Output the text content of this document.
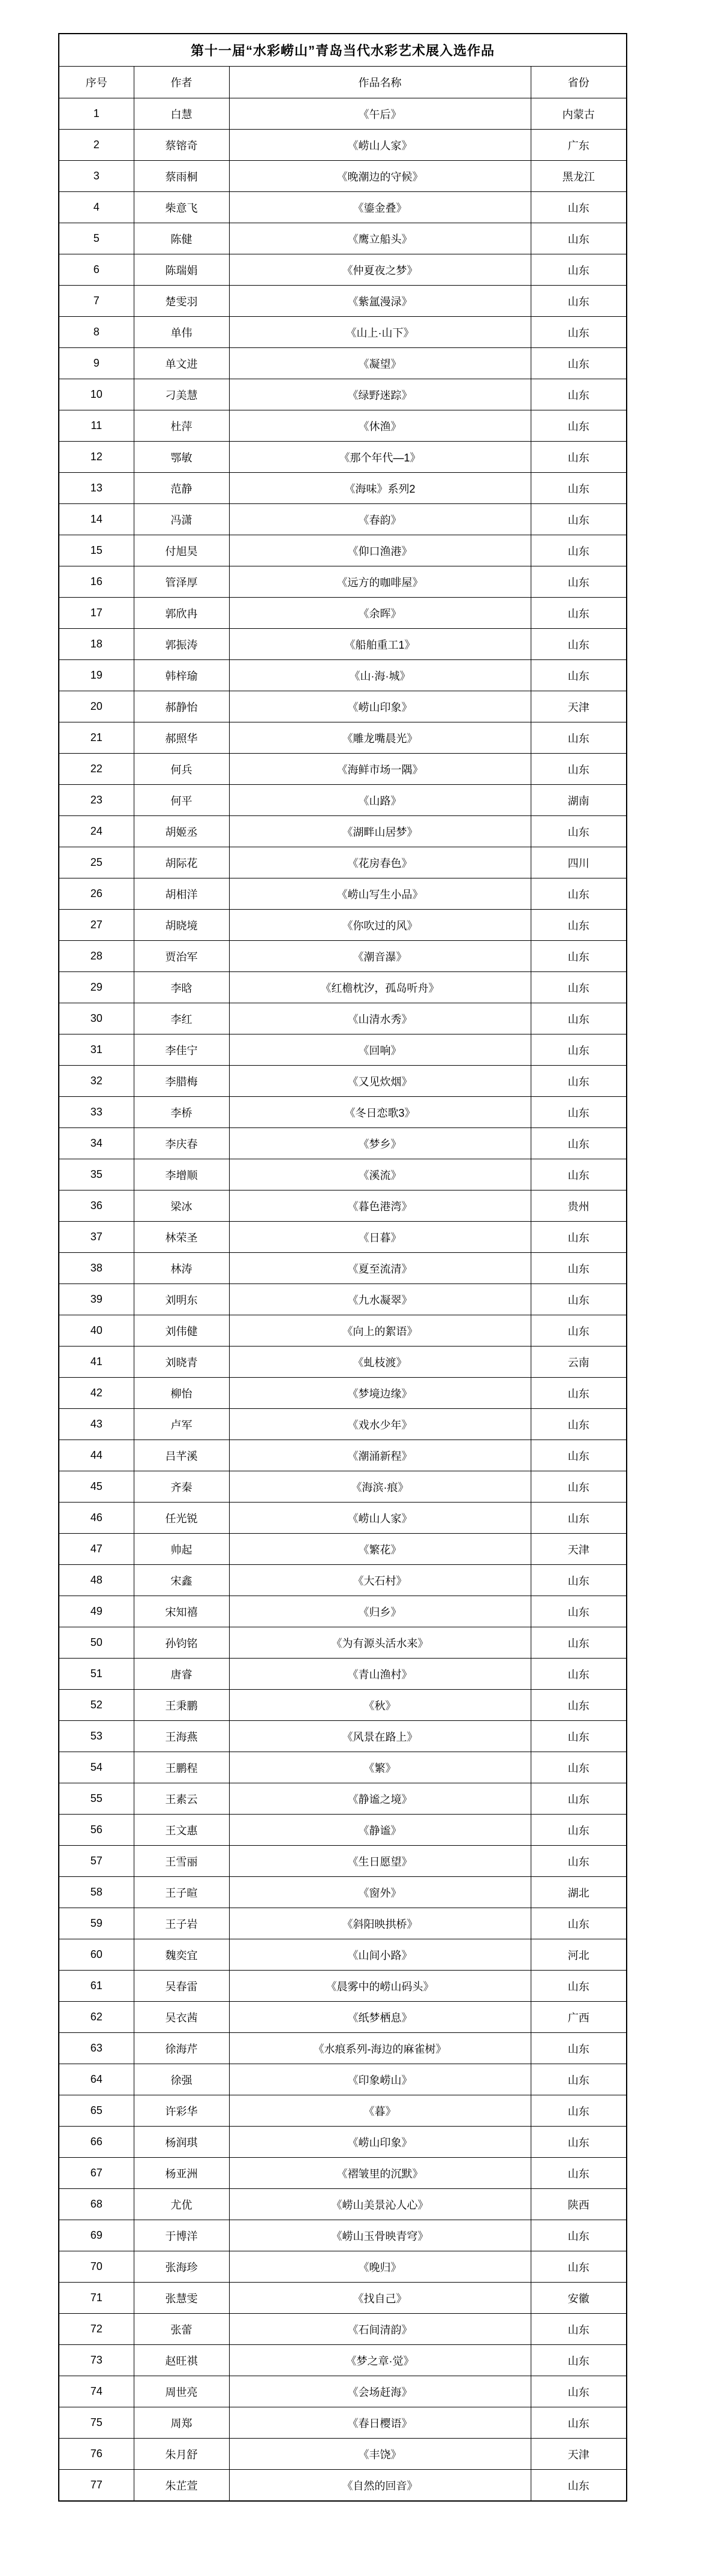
第十一届“水彩崂山”青岛当代水彩艺术展入选作品			
序号	作者	作品名称	省份
1	白慧	《午后》	内蒙古
2	蔡镕奇	《崂山人家》	广东
3	蔡雨桐	《晚潮边的守候》	黑龙江
4	柴意飞	《鎏金叠》	山东
5	陈健	《鹰立船头》	山东
6	陈瑞娟	《仲夏夜之梦》	山东
7	楚雯羽	《紫氲漫渌》	山东
8	单伟	《山上·山下》	山东
9	单文进	《凝望》	山东
10	刁美慧	《绿野迷踪》	山东
11	杜萍	《休渔》	山东
12	鄂敏	《那个年代—1》	山东
13	范静	《海味》系列2	山东
14	冯潇	《春韵》	山东
15	付旭昊	《仰口渔港》	山东
16	管泽厚	《远方的咖啡屋》	山东
17	郭欣冉	《余晖》	山东
18	郭振涛	《船舶重工1》	山东
19	韩梓瑜	《山·海·城》	山东
20	郝静怡	《崂山印象》	天津
21	郝照华	《雕龙嘴晨光》	山东
22	何兵	《海鲜市场一隅》	山东
23	何平	《山路》	湖南
24	胡姬丞	《湖畔山居梦》	山东
25	胡际花	《花房春色》	四川
26	胡相洋	《崂山写生小品》	山东
27	胡晓境	《你吹过的风》	山东
28	贾治军	《潮音瀑》	山东
29	李晗	《红檐枕汐，孤岛听舟》	山东
30	李红	《山清水秀》	山东
31	李佳宁	《回响》	山东
32	李腊梅	《又见炊烟》	山东
33	李桥	《冬日恋歌3》	山东
34	李庆春	《梦乡》	山东
35	李增顺	《溪流》	山东
36	梁冰	《暮色港湾》	贵州
37	林荣圣	《日暮》	山东
38	林涛	《夏至流清》	山东
39	刘明东	《九水凝翠》	山东
40	刘伟健	《向上的絮语》	山东
41	刘晓青	《虬枝渡》	云南
42	柳怡	《梦境边缘》	山东
43	卢军	《戏水少年》	山东
44	吕芊溪	《潮涌新程》	山东
45	齐秦	《海滨·痕》	山东
46	任光锐	《崂山人家》	山东
47	帅起	《繁花》	天津
48	宋鑫	《大石村》	山东
49	宋知禧	《归乡》	山东
50	孙钧铭	《为有源头活水来》	山东
51	唐睿	《青山渔村》	山东
52	王秉鹏	《秋》	山东
53	王海燕	《风景在路上》	山东
54	王鹏程	《繁》	山东
55	王素云	《静谧之境》	山东
56	王文惠	《静谧》	山东
57	王雪丽	《生日愿望》	山东
58	王子暄	《窗外》	湖北
59	王子岩	《斜阳映拱桥》	山东
60	魏奕宜	《山间小路》	河北
61	吴春雷	《晨雾中的崂山码头》	山东
62	吴衣茜	《纸梦栖息》	广西
63	徐海芹	《水痕系列-海边的麻雀树》	山东
64	徐强	《印象崂山》	山东
65	许彩华	《暮》	山东
66	杨润琪	《崂山印象》	山东
67	杨亚洲	《褶皱里的沉默》	山东
68	尤优	《崂山美景沁人心》	陕西
69	于博洋	《崂山玉骨映青穹》	山东
70	张海珍	《晚归》	山东
71	张慧雯	《找自己》	安徽
72	张蕾	《石间清韵》	山东
73	赵旺祺	《梦之章·觉》	山东
74	周世亮	《会场赶海》	山东
75	周郑	《春日樱语》	山东
76	朱月舒	《丰饶》	天津
77	朱芷萱	《自然的回音》	山东
